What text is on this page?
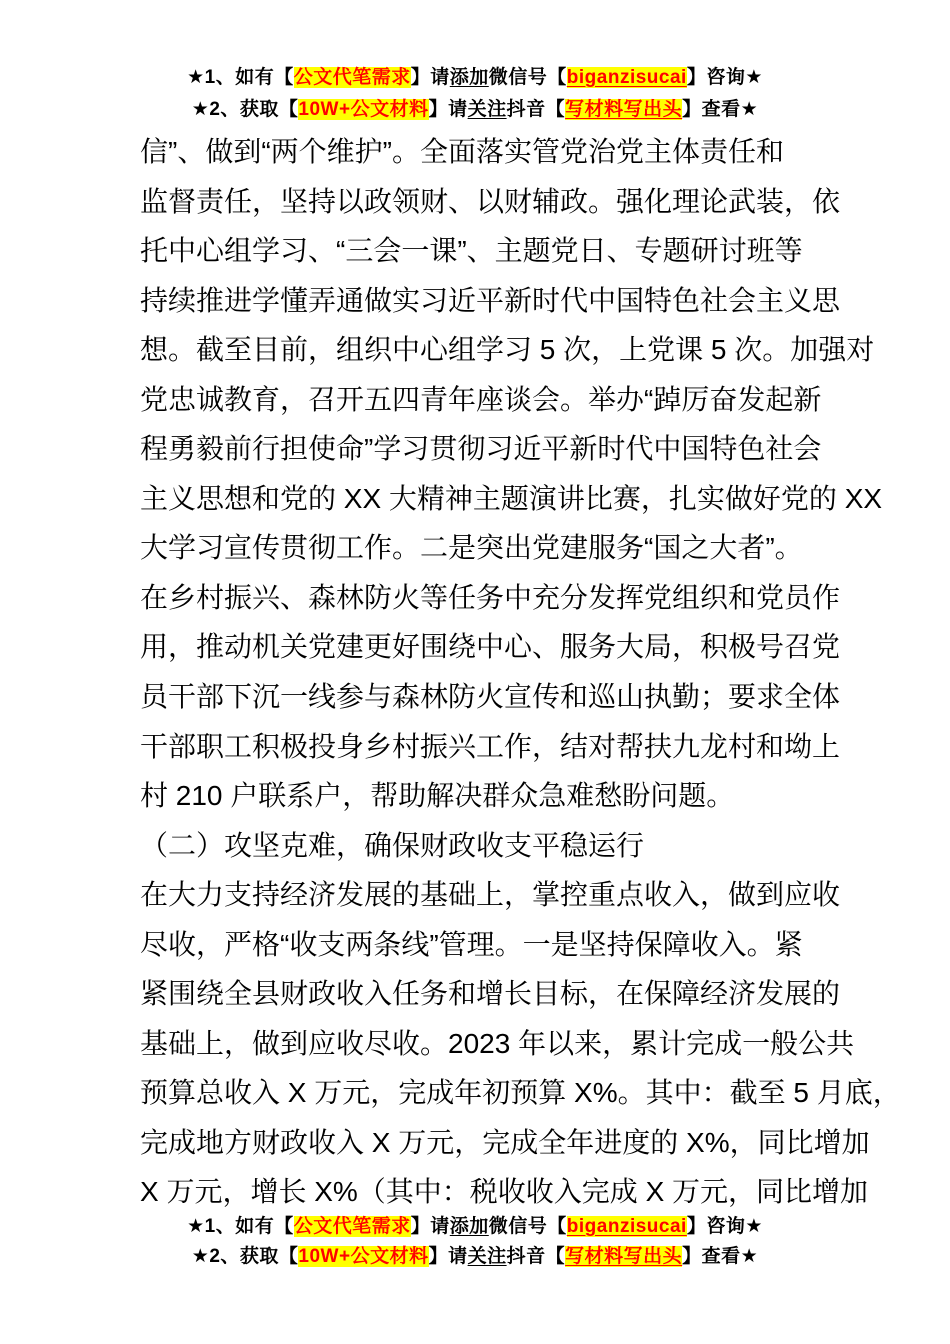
★1、如有【公文代笔需求】请添加微信号【biganzisucai】咨询★
★2、获取【10W+公文材料】请关注抖音【写材料写出头】查看★
信”、做到“两个维护”。全面落实管党治党主体责任和
监督责任，坚持以政领财、以财辅政。强化理论武装，依
托中心组学习、“三会一课”、主题党日、专题研讨班等
持续推进学懂弄通做实习近平新时代中国特色社会主义思
想。截至目前，组织中心组学习 5 次，上党课 5 次。加强对
党忠诚教育，召开五四青年座谈会。举办“踔厉奋发起新
程勇毅前行担使命”学习贯彻习近平新时代中国特色社会
主义思想和党的 XX 大精神主题演讲比赛，扎实做好党的 XX
大学习宣传贯彻工作。二是突出党建服务“国之大者”。
在乡村振兴、森林防火等任务中充分发挥党组织和党员作
用，推动机关党建更好围绕中心、服务大局，积极号召党
员干部下沉一线参与森林防火宣传和巡山执勤；要求全体
干部职工积极投身乡村振兴工作，结对帮扶九龙村和坳上
村 210 户联系户，帮助解决群众急难愁盼问题。
（二）攻坚克难，确保财政收支平稳运行
在大力支持经济发展的基础上，掌控重点收入，做到应收
尽收，严格“收支两条线”管理。一是坚持保障收入。紧
紧围绕全县财政收入任务和增长目标，在保障经济发展的
基础上，做到应收尽收。2023 年以来，累计完成一般公共
预算总收入 X 万元，完成年初预算 X%。其中：截至 5 月底，
完成地方财政收入 X 万元，完成全年进度的 X%，同比增加
X 万元，增长 X%（其中：税收收入完成 X 万元，同比增加
★1、如有【公文代笔需求】请添加微信号【biganzisucai】咨询★
★2、获取【10W+公文材料】请关注抖音【写材料写出头】查看★
